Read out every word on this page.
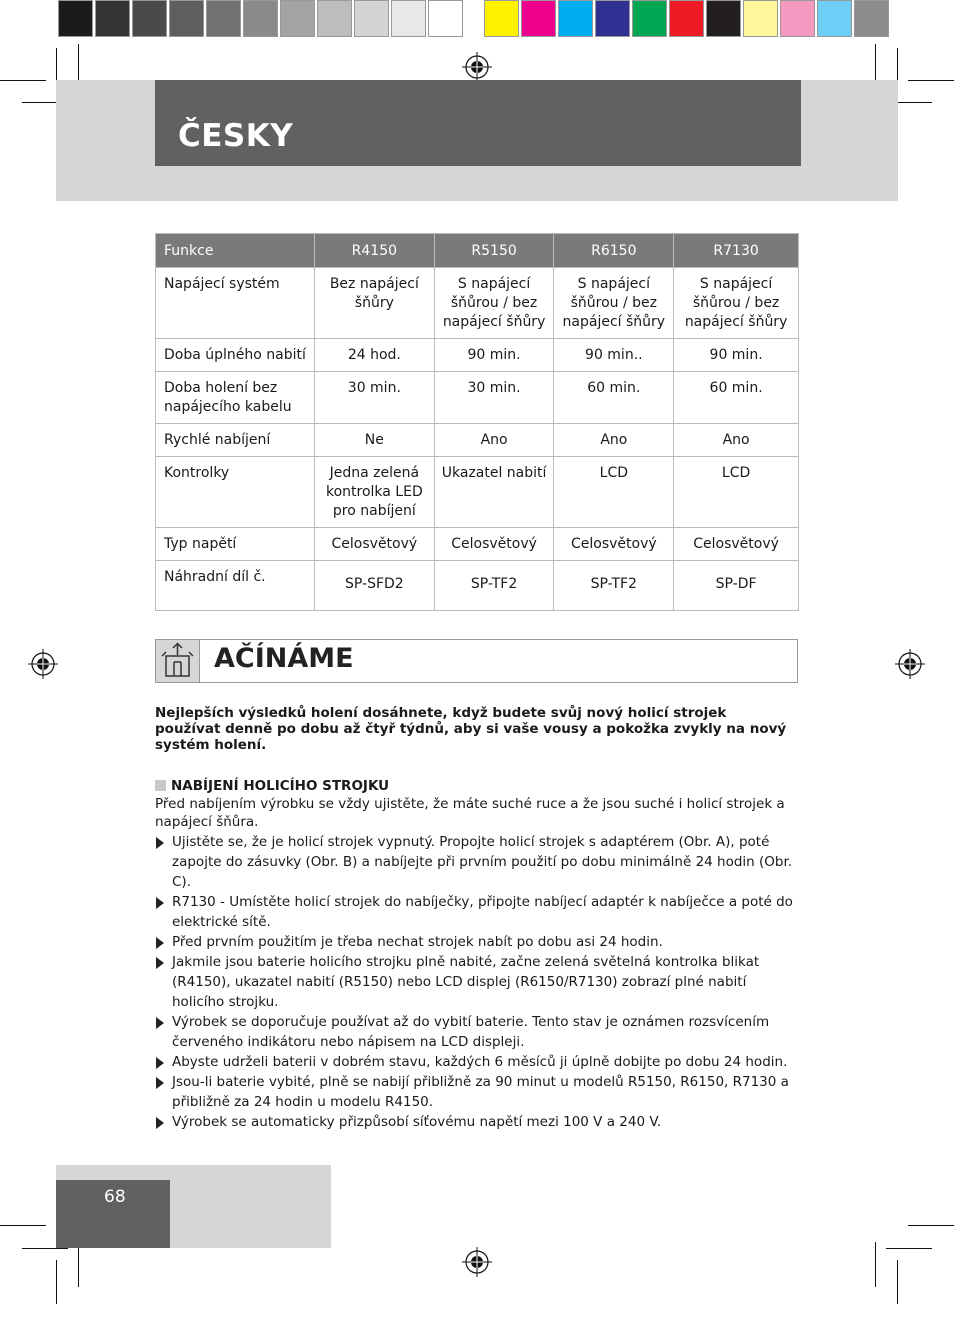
ČESKY
Funkce	R4150	R5150	R6150	R7130
Napájecí systém	Bez napájecí šňůry	S napájecí šňůrou / bez napájecí šňůry	S napájecí šňůrou / bez napájecí šňůry	S napájecí šňůrou / bez napájecí šňůry
Doba úplného nabití	24 hod.	90 min.	90 min..	90 min.
Doba holení bez napájecího kabelu	30 min.	30 min.	60 min.	60 min.
Rychlé nabíjení	Ne	Ano	Ano	Ano
Kontrolky	Jedna zelená kontrolka LED pro nabíjení	Ukazatel nabití	LCD	LCD
Typ napětí	Celosvětový	Celosvětový	Celosvětový	Celosvětový
Náhradní díl č.	SP-SFD2	SP-TF2	SP-TF2	SP-DF
AČÍNÁME
Nejlepších výsledků holení dosáhnete, když budete svůj nový holicí strojek používat denně po dobu až čtyř týdnů, aby si vaše vousy a pokožka zvykly na nový systém holení.
NABÍJENÍ HOLICÍHO STROJKU
Před nabíjením výrobku se vždy ujistěte, že máte suché ruce a že jsou suché i holicí strojek a napájecí šňůra.
Ujistěte se, že je holicí strojek vypnutý. Propojte holicí strojek s adaptérem (Obr. A), poté zapojte do zásuvky (Obr. B) a nabíjejte při prvním použití po dobu minimálně 24 hodin (Obr. C).
R7130 - Umístěte holicí strojek do nabíječky, připojte nabíjecí adaptér k nabíječce a poté do elektrické sítě.
Před prvním použitím je třeba nechat strojek nabít po dobu asi 24 hodin.
Jakmile jsou baterie holicího strojku plně nabité, začne zelená světelná kontrolka blikat (R4150), ukazatel nabití (R5150) nebo LCD displej (R6150/R7130) zobrazí plné nabití holicího strojku.
Výrobek se doporučuje používat až do vybití baterie. Tento stav je oznámen rozsvícením červeného indikátoru nebo nápisem na LCD displeji.
Abyste udrželi baterii v dobrém stavu, každých 6 měsíců ji úplně dobijte po dobu 24 hodin.
Jsou-li baterie vybité, plně se nabijí přibližně za 90 minut u modelů R5150, R6150, R7130 a přibližně za 24 hodin u modelu R4150.
Výrobek se automaticky přizpůsobí síťovému napětí mezi 100 V a 240 V.
68
